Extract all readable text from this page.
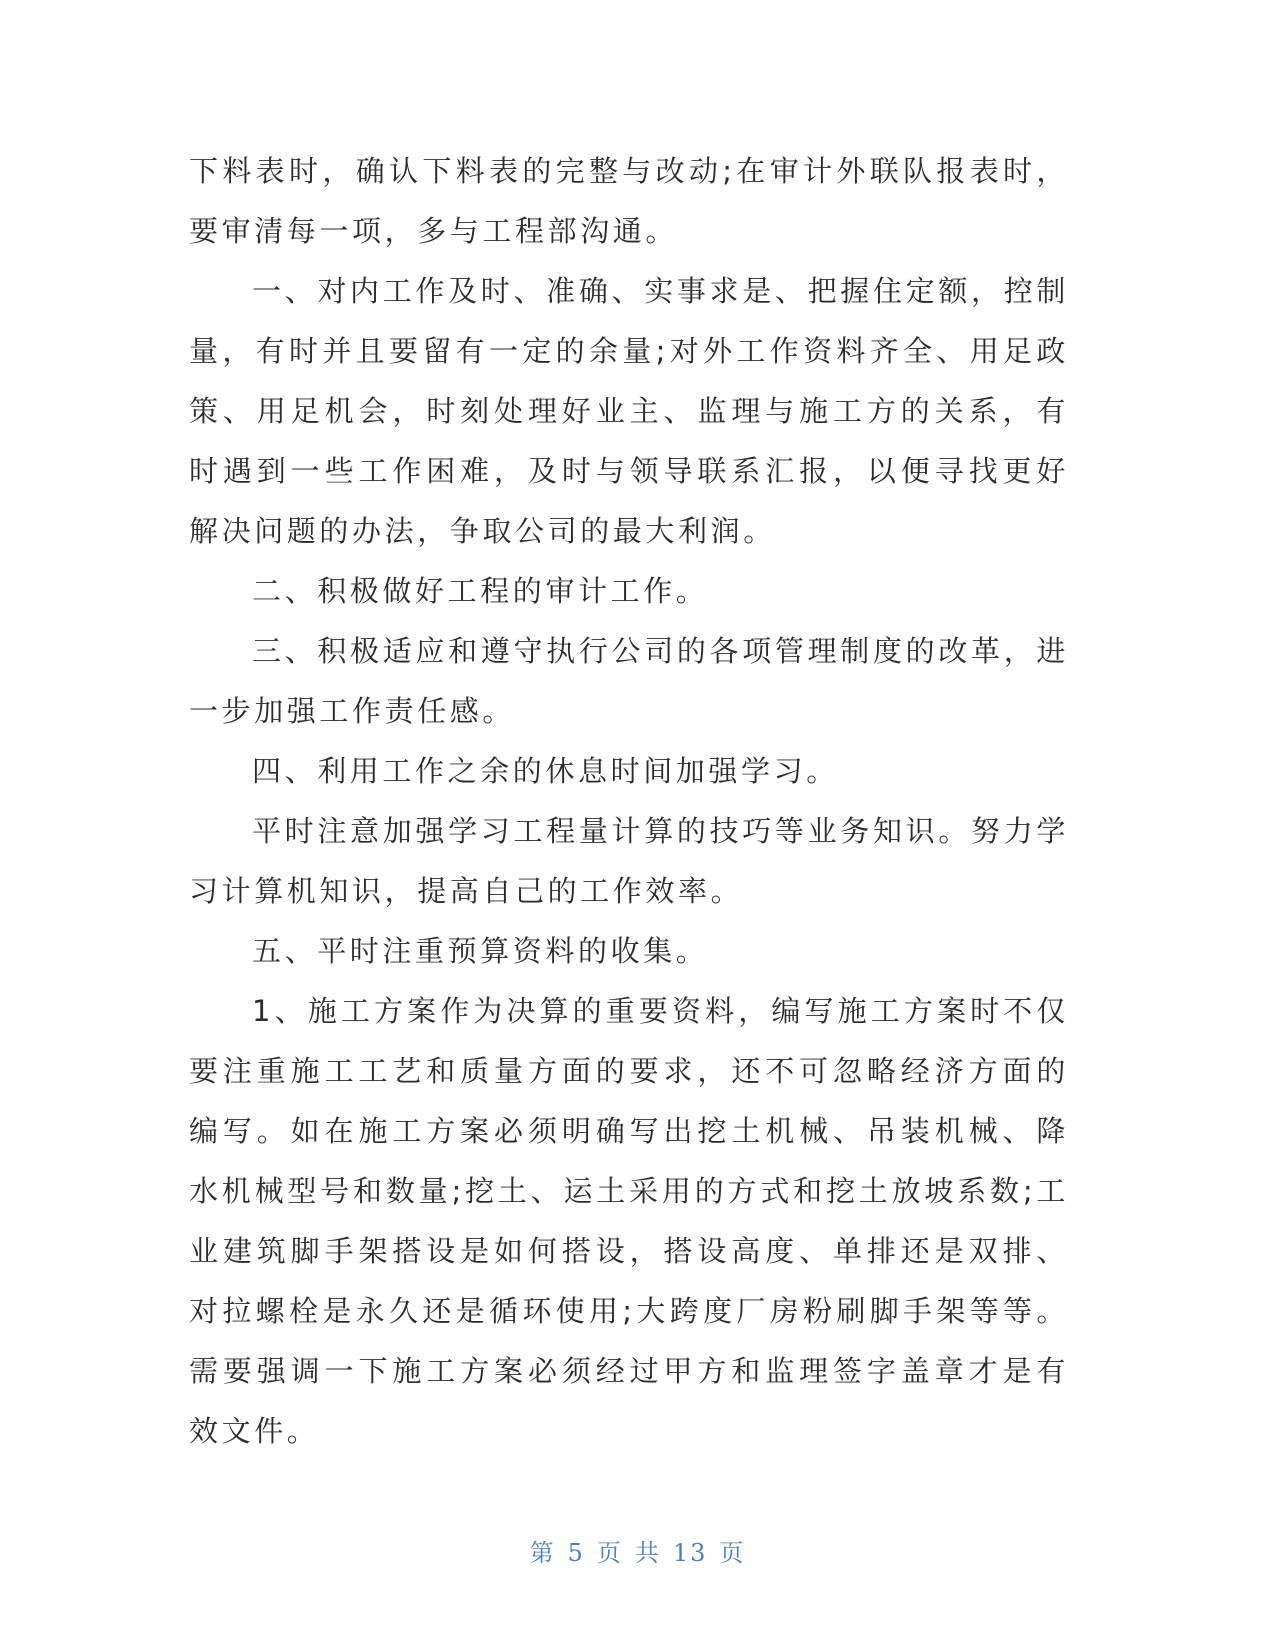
下料表时，确认下料表的完整与改动;在审计外联队报表时，要审清每一项，多与工程部沟通。

一、对内工作及时、准确、实事求是、把握住定额，控制量，有时并且要留有一定的余量;对外工作资料齐全、用足政策、用足机会，时刻处理好业主、监理与施工方的关系，有时遇到一些工作困难，及时与领导联系汇报，以便寻找更好解决问题的办法，争取公司的最大利润。

二、积极做好工程的审计工作。

三、积极适应和遵守执行公司的各项管理制度的改革，进一步加强工作责任感。

四、利用工作之余的休息时间加强学习。

平时注意加强学习工程量计算的技巧等业务知识。努力学习计算机知识，提高自己的工作效率。

五、平时注重预算资料的收集。

1、施工方案作为决算的重要资料，编写施工方案时不仅要注重施工工艺和质量方面的要求，还不可忽略经济方面的编写。如在施工方案必须明确写出挖土机械、吊装机械、降水机械型号和数量;挖土、运土采用的方式和挖土放坡系数;工业建筑脚手架搭设是如何搭设，搭设高度、单排还是双排、对拉螺栓是永久还是循环使用;大跨度厂房粉刷脚手架等等。需要强调一下施工方案必须经过甲方和监理签字盖章才是有效文件。

第 5 页 共 13 页
